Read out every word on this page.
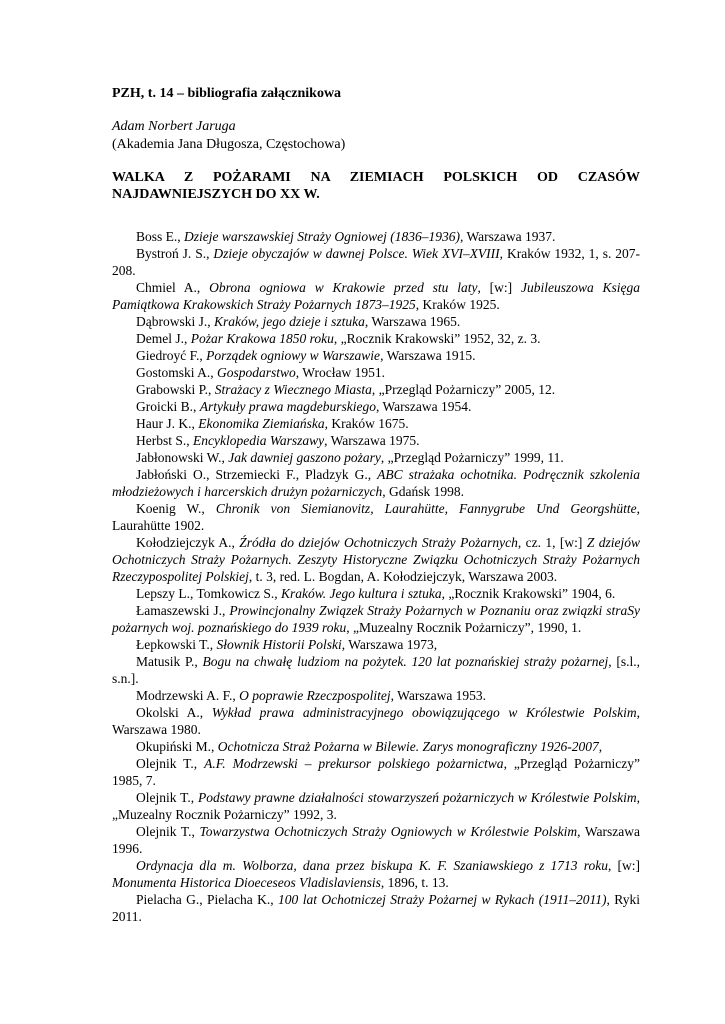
PZH, t. 14 – bibliografia załącznikowa
Adam Norbert Jaruga
(Akademia Jana Długosza, Częstochowa)
WALKA Z POŻARAMI NA ZIEMIACH POLSKICH OD CZASÓW NAJDAWNIEJSZYCH DO XX W.

Boss E., Dzieje warszawskiej Straży Ogniowej (1836–1936), Warszawa 1937.

Bystroń J. S., Dzieje obyczajów w dawnej Polsce. Wiek XVI–XVIII, Kraków 1932, 1, s. 207-208.

Chmiel A., Obrona ogniowa w Krakowie przed stu laty, [w:] Jubileuszowa Księga Pamiątkowa Krakowskich Straży Pożarnych 1873–1925, Kraków 1925.

Dąbrowski J., Kraków, jego dzieje i sztuka, Warszawa 1965.

Demel J., Pożar Krakowa 1850 roku, „Rocznik Krakowski” 1952, 32, z. 3.

Giedroyć F., Porządek ogniowy w Warszawie, Warszawa 1915.

Gostomski A., Gospodarstwo, Wrocław 1951.

Grabowski P., Strażacy z Wiecznego Miasta, „Przegląd Pożarniczy” 2005, 12.

Groicki B., Artykuły prawa magdeburskiego, Warszawa 1954.

Haur J. K., Ekonomika Ziemiańska, Kraków 1675.

Herbst S., Encyklopedia Warszawy, Warszawa 1975.

Jabłonowski W., Jak dawniej gaszono pożary, „Przegląd Pożarniczy” 1999, 11.

Jabłoński O., Strzemiecki F., Pladzyk G., ABC strażaka ochotnika. Podręcznik szkolenia młodzieżowych i harcerskich drużyn pożarniczych, Gdańsk 1998.

Koenig W., Chronik von Siemianovitz, Laurahütte, Fannygrube Und Georgshütte, Laurahütte 1902.

Kołodziejczyk A., Źródła do dziejów Ochotniczych Straży Pożarnych, cz. 1, [w:] Z dziejów Ochotniczych Straży Pożarnych. Zeszyty Historyczne Związku Ochotniczych Straży Pożarnych Rzeczypospolitej Polskiej, t. 3, red. L. Bogdan, A. Kołodziejczyk, Warszawa 2003.

Lepszy L., Tomkowicz S., Kraków. Jego kultura i sztuka, „Rocznik Krakowski” 1904, 6.

Łamaszewski J., Prowincjonalny Związek Straży Pożarnych w Poznaniu oraz związki straSy pożarnych woj. poznańskiego do 1939 roku, „Muzealny Rocznik Pożarniczy”, 1990, 1.

Łepkowski T., Słownik Historii Polski, Warszawa 1973,

Matusik P., Bogu na chwałę ludziom na pożytek. 120 lat poznańskiej straży pożarnej, [s.l., s.n.].

Modrzewski A. F., O poprawie Rzeczpospolitej, Warszawa 1953.

Okolski A., Wykład prawa administracyjnego obowiązującego w Królestwie Polskim, Warszawa 1980.

Okupiński M., Ochotnicza Straż Pożarna w Bilewie. Zarys monograficzny 1926-2007,

Olejnik T., A.F. Modrzewski – prekursor polskiego pożarnictwa, „Przegląd Pożarniczy” 1985, 7.

Olejnik T., Podstawy prawne działalności stowarzyszeń pożarniczych w Królestwie Polskim, „Muzealny Rocznik Pożarniczy” 1992, 3.

Olejnik T., Towarzystwa Ochotniczych Straży Ogniowych w Królestwie Polskim, Warszawa 1996.

Ordynacja dla m. Wolborza, dana przez biskupa K. F. Szaniawskiego z 1713 roku, [w:] Monumenta Historica Dioeceseos Vladislaviensis, 1896, t. 13.

Pielacha G., Pielacha K., 100 lat Ochotniczej Straży Pożarnej w Rykach (1911–2011), Ryki 2011.
